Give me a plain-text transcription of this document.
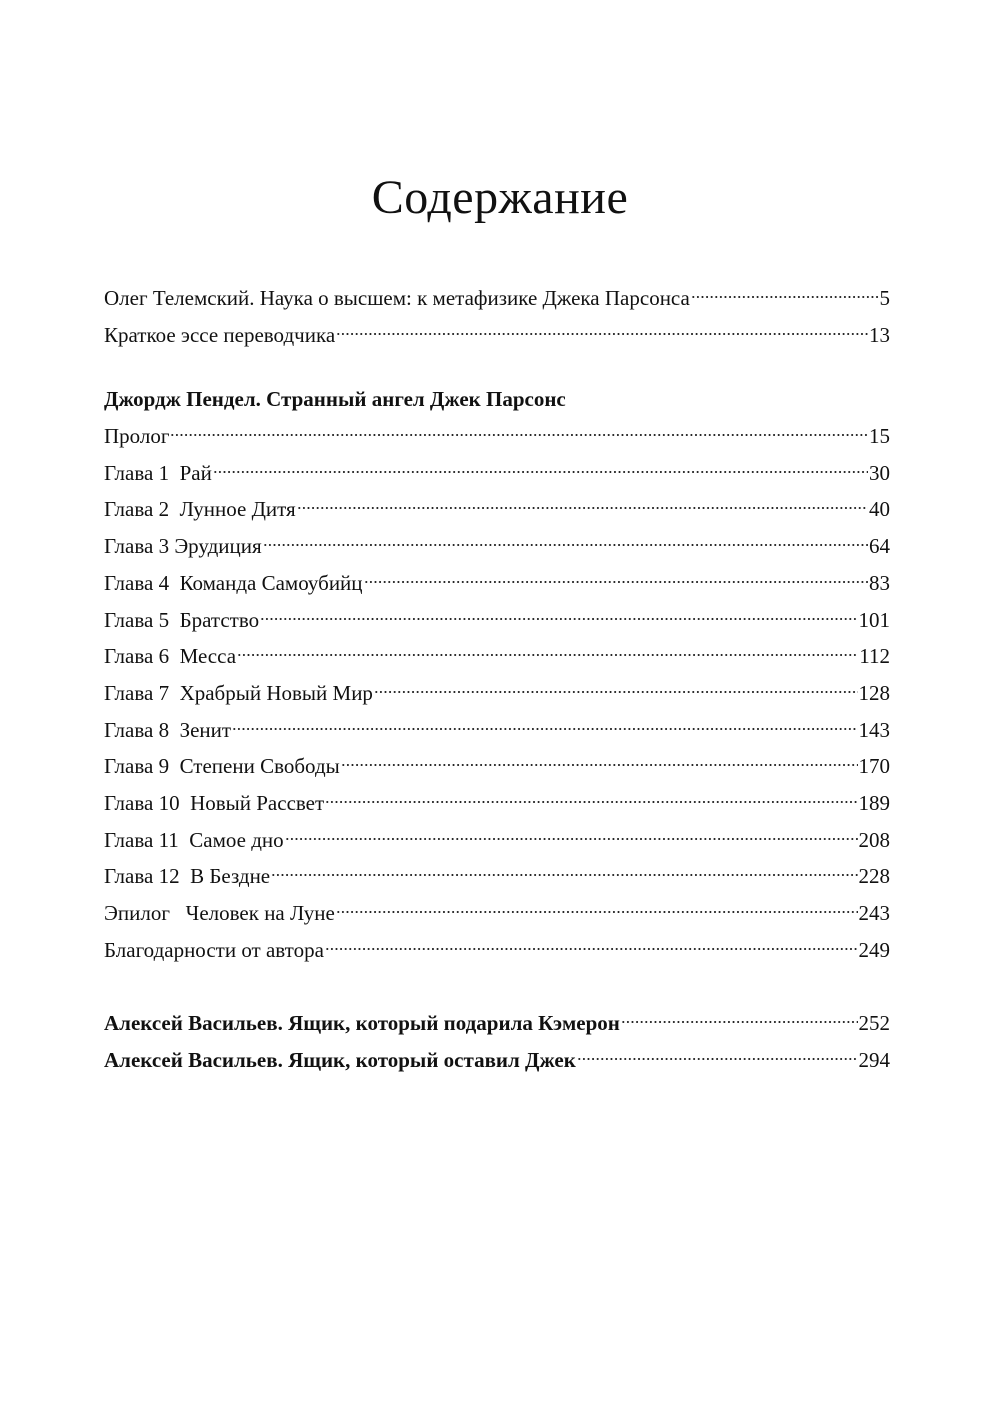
Содержание
Олег Телемский. Наука о высшем: к метафизике Джека Парсонса	5
Краткое эссе переводчика	13
Джордж Пендел. Странный ангел Джек Парсонс
Пролог	15
Глава 1  Рай	30
Глава 2  Лунное Дитя	40
Глава 3 Эрудиция	64
Глава 4  Команда Самоубийц	83
Глава 5  Братство	101
Глава 6  Месса	112
Глава 7  Храбрый Новый Мир	128
Глава 8  Зенит	143
Глава 9  Степени Свободы	170
Глава 10  Новый Рассвет	189
Глава 11  Самое дно	208
Глава 12  В Бездне	228
Эпилог   Человек на Луне	243
Благодарности от автора	249
Алексей Васильев. Ящик, который подарила Кэмерон	252
Алексей Васильев. Ящик, который оставил Джек	294
